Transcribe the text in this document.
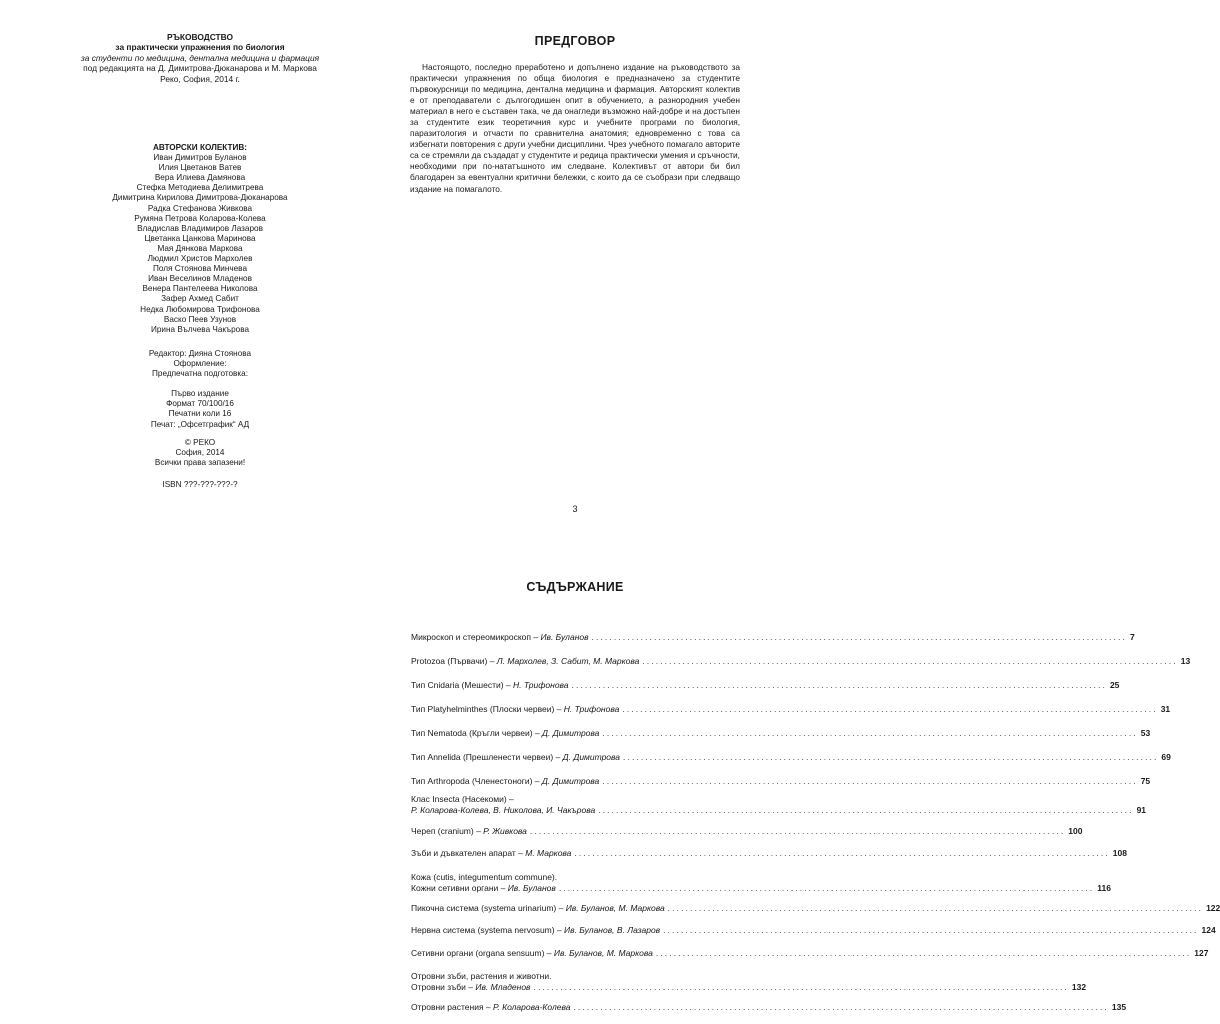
РЪКОВОДСТВО
за практически упражнения по биология
за студенти по медицина, дентална медицина и фармация
под редакцията на Д. Димитрова-Дюканарова и М. Маркова
Реко, София, 2014 г.
АВТОРСКИ КОЛЕКТИВ:
Иван Димитров Буланов
Илия Цветанов Ватев
Вера Илиева Дамянова
Стефка Методиева Делимитрева
Димитрина Кирилова Димитрова-Дюканарова
Радка Стефанова Живкова
Румяна Петрова Коларова-Колева
Владислав Владимиров Лазаров
Цветанка Цанкова Маринова
Мая Дянкова Маркова
Людмил Христов Мархолев
Поля Стоянова Минчева
Иван Веселинов Младенов
Венера Пантелеева Николова
Зафер Ахмед Сабит
Недка Любомирова Трифонова
Васко Пеев Узунов
Ирина Вълчева Чакърова
Редактор: Дияна Стоянова
Оформление:
Предпечатна подготовка:
Първо издание
Формат 70/100/16
Печатни коли 16
Печат: „Офсетграфик“ АД
© РЕКО
София, 2014
Всички права запазени!
ISBN ???-???-???-?
ПРЕДГОВОР
Настоящото, последно преработено и допълнено издание на ръководството за практически упражнения по обща биология е предназначено за студентите първокурсници по медицина, дентална медицина и фармация. Авторският колектив е от преподаватели с дългогодишен опит в обучението, а разнородния учебен материал в него е съставен така, че да онагледи възможно най-добре и на достъпен за студентите език теоретичния курс и учебните програми по биология, паразитология и отчасти по сравнителна анатомия; едновременно с това са избегнати повторения с други учебни дисциплини. Чрез учебното помагало авторите са се стремяли да създадат у студентите и редица практически умения и сръчности, необходими при по-нататъшното им следване. Колективът от автори би бил благодарен за евентуални критични бележки, с които да се съобрази при следващо издание на помагалото.
3
СЪДЪРЖАНИЕ
Микроскоп и стереомикроскоп – Ив. Буланов ........................................................................................................................ 7
Protozoa (Първачи) – Л. Мархолев, З. Сабит, М. Маркова ........................................................................................................................ 13
Тип Cnidaria (Мешести) – Н. Трифонова ........................................................................................................................ 25
Тип Platyhelminthes (Плоски червеи) – Н. Трифонова ........................................................................................................................ 31
Тип Nematoda (Кръгли червеи) – Д. Димитрова ........................................................................................................................ 53
Тип Annelida (Прешленести червеи) – Д. Димитрова ........................................................................................................................ 69
Тип Arthropoda (Членестоноги) – Д. Димитрова ........................................................................................................................ 75
Клас Insecta (Насекоми) –
Р. Коларова-Колева, В. Николова, И. Чакърова ........................................................................................................................ 91
Череп (cranium) – Р. Живкова ........................................................................................................................ 100
Зъби и дъвкателен апарат – М. Маркова ........................................................................................................................ 108
Кожа (cutis, integumentum commune).
Кожни сетивни органи – Ив. Буланов ........................................................................................................................ 116
Пикочна система (systema urinarium) – Ив. Буланов, М. Маркова ........................................................................................................................ 122
Нервна система (systema nervosum) – Ив. Буланов, В. Лазаров ........................................................................................................................ 124
Сетивни органи (organa sensuum) – Ив. Буланов, М. Маркова ........................................................................................................................ 127
Отровни зъби, растения и животни.
Отровни зъби – Ив. Младенов ........................................................................................................................ 132
Отровни растения – Р. Коларова-Колева ........................................................................................................................ 135
